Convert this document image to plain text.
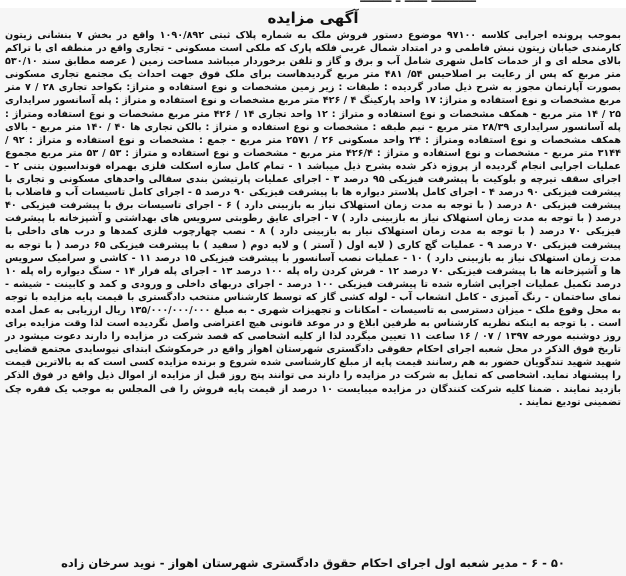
آگهی مزایده

بموجب پرونده اجرایی کلاسه ۹۷۱۰۰ موضوع دستور فروش ملک به شماره پلاک ثبتی ۱۰۹۰/۸۹۲ واقع در بخش ۷ بنشانی زیتون کارمندی خیابان زیتون نبش فاطمی و در امتداد شمال غربی فلکه پارک که ملکی است مسکونی - تجاری واقع در منطقه ای با تراکم بالای محله ای و از خدمات کامل شهری شامل آب و برق و گاز و تلفن برخوردار میباشد مساحت زمین ( عرصه مطابق سند ۵۳۰/۱۰ متر مربع که پس از رعایت بر اصلاحیس ۵۴/ ۴۸۱ متر مربع گردیدهاست برای ملک فوق جهت احداث یک مجتمع تجاری مسکونی بصورت آپارتمان مجوز به شرح ذیل صادر گردیده : طبقات : زیر زمین مشخصات و نوع استفاده و متراژ: بکواحد تجاری ۲۸ / ۷ متر مربع مشخصات و نوع استفاده و متراژ: ۱۷ واحد پارکینگ ۴ / ۴۲۶ متر مربع مشخصات و نوع استفاده و متراژ : پله آسانسور سرایداری ۲۵ / ۱۴ متر مربع - همکف مشخصات و نوع استفاده و متراژ : ۱۲ واحد تجاری ۱۴ / ۴۲۶ متر مربع مشخصات و نوع استفاده ومتراژ : پله آسانسور سرایداری ۲۸/۳۹ متر مربع - نیم طبقه : مشخصات و نوع استفاده و متراژ : بالکن تجاری ها ۴۰ / ۱۴۰ متر مربع - بالای همکف مشخصات و نوع استفاده ومتراژ : ۲۴ واحد مسکونی ۲۶ / ۲۵۷۱ متر مربع - جمع : مشخصات و نوع استفاده و متراژ : ۹۲ / ۳۱۴۴ متر مربع - مشخصات و نوع استفاده و متراژ : ۴۲۶/۴ متر مربع - مشخصات و نوع استفاده و متراژ : ۵۳ / ۵۳ متر مربع مجموع عملیات اجرایی انجام گردیده از پروژه ذکر شده بشرح ذیل میباشد ۱ - تمام کامل سازه اسکلت فلزی بهمراه فونداسیون بتنی ۲ - اجرای سقف تیرچه و بلوکیت با پیشرفت فیزیکی ۹۵ درصد ۳ - اجرای عملیات پارتیشن بندی سفالی واحدهای مسکونی و تجاری با پیشرفت فیزیکی ۹۰ درصد ۴ - اجرای کامل پلاستر دیواره ها با پیشرفت فیزیکی ۹۰ درصد ۵ - اجرای کامل تاسیسات آب و فاضلاب با پیشرفت فیزیکی ۸۰ درصد ( با توجه به مدت زمان استهلاک نیاز به بازبینی دارد ) ۶ - اجرای تاسیسات برق با پیشرفت فیزیکی ۴۰ درصد ( با توجه به مدت زمان استهلاک نیاز به بازبینی دارد ) ۷ - اجرای عایق رطوبتی سرویس های بهداشتی و آشپزخانه با پیشرفت فیزیکی ۷۰ درصد ( با توجه به مدت زمان استهلاک نیاز به بازبینی دارد ) ۸ - نصب چهارچوب فلزی کمدها و درب های داخلی با پیشرفت فیزیکی ۷۰ درصد ۹ - عملیات گچ کاری ( لایه اول ( آستر ) و لایه دوم ( سفید ) با پیشرفت فیزیکی ۶۵ درصد ( با توجه به مدت زمان استهلاک نیاز به بازبینی دارد ) ۱۰ - عملیات نصب آسانسور با پیشرفت فیزیکی ۱۵ درصد ۱۱ - کاشی و سرامیک سرویس ها و آشپزخانه ها با پیشرفت فیزیکی ۷۰ درصد ۱۲ - فرش کردن راه پله ۱۰۰ درصد ۱۳ - اجرای پله فرار ۱۴ - سنگ دیواره راه پله ۱۰ درصد تکمیل عملیات اجرایی اشاره شده تا پیشرفت فیزیکی ۱۰۰ درصد - اجرای دربهای داخلی و ورودی و کمد و کابینت - شیشه - نمای ساختمان - رنگ آمیزی - کامل انشعاب آب - لوله کشی گاز که توسط کارشناس منتخب دادگستری با قیمت پایه مزایده با توجه به محل وقوع ملک - میزان دسترسی به تاسیسات - امکانات و تجهیزات شهری - به مبلغ ۱۳۵/۰۰۰/۰۰۰/۰۰۰ ریال ارزیابی به عمل امده است . با توجه به اینکه نظریه کارشناس به طرفین ابلاغ و در موعد قانونی هیچ اعتراضی واصل نگردیده است لذا وقت مزایده برای روز دوشنبه مورخه ۱۳۹۷ / ۰۷ / ۱۶ ساعت ۱۱ تعیین میگردد لذا از کلیه اشخاصی که قصد شرکت در مزایده را دارند دعوت میشود در تاریخ فوق الذکر در محل شعبه اجرای احکام حقوقی دادگستری شهرستان اهواز واقع در خرمکوشک ابتدای نیوسایدی مجتمع قضایی شهید شهید تندگویان حضور به هم رسانند قیمت پایه از مبلغ کارشناسی شده شروع و برنده مزایده کسی است که به بالاترین قیمت را پیشنهاد نماید. اشخاصی که تمایل به شرکت در مزایده را دارند می توانند پنج روز قبل از مزایده از اموال ذیل واقع در فوق الذکر بازدید نمایند . ضمنا کلیه شرکت کنندگان در مزایده میبایست ۱۰ درصد از قیمت پایه فروش را فی المجلس به موجب یک فقره چک تضمینی تودیع نمایند .

۵۰ - ۶ - مدیر شعبه اول اجرای احکام حقوق دادگستری شهرستان اهواز - نوید سرخان زاده
